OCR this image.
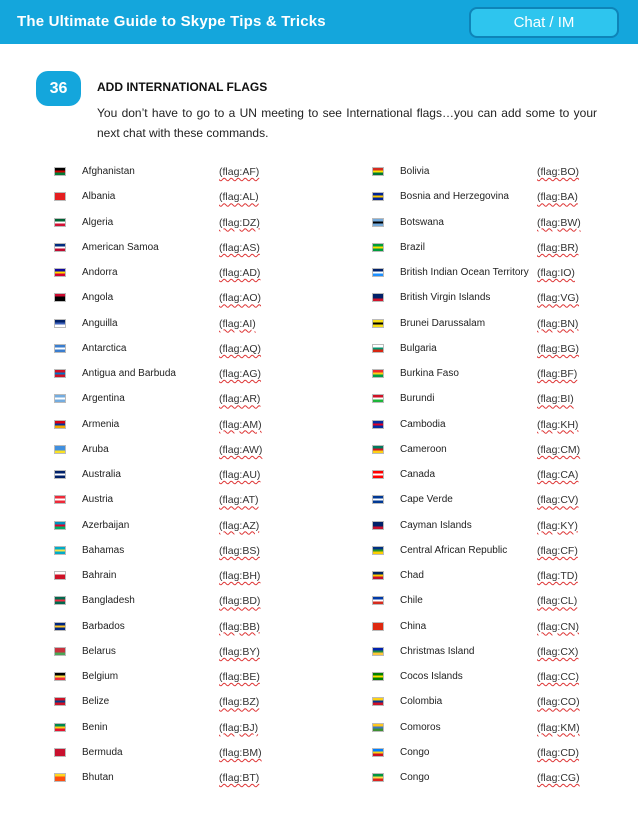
The Ultimate Guide to Skype Tips & Tricks	Chat / IM
36	ADD INTERNATIONAL FLAGS
You don’t have to go to a UN meeting to see International flags…you can add some to your next chat with these commands.
Afghanistan	(flag:AF)
Albania	(flag:AL)
Algeria	(flag:DZ)
American Samoa	(flag:AS)
Andorra	(flag:AD)
Angola	(flag:AO)
Anguilla	(flag:AI)
Antarctica	(flag:AQ)
Antigua and Barbuda	(flag:AG)
Argentina	(flag:AR)
Armenia	(flag:AM)
Aruba	(flag:AW)
Australia	(flag:AU)
Austria	(flag:AT)
Azerbaijan	(flag:AZ)
Bahamas	(flag:BS)
Bahrain	(flag:BH)
Bangladesh	(flag:BD)
Barbados	(flag:BB)
Belarus	(flag:BY)
Belgium	(flag:BE)
Belize	(flag:BZ)
Benin	(flag:BJ)
Bermuda	(flag:BM)
Bhutan	(flag:BT)
Bolivia	(flag:BO)
Bosnia and Herzegovina	(flag:BA)
Botswana	(flag:BW)
Brazil	(flag:BR)
British Indian Ocean Territory (flag:IO)
British Virgin Islands	(flag:VG)
Brunei Darussalam	(flag:BN)
Bulgaria	(flag:BG)
Burkina Faso	(flag:BF)
Burundi	(flag:BI)
Cambodia	(flag:KH)
Cameroon	(flag:CM)
Canada	(flag:CA)
Cape Verde	(flag:CV)
Cayman Islands	(flag:KY)
Central African Republic	(flag:CF)
Chad	(flag:TD)
Chile	(flag:CL)
China	(flag:CN)
Christmas Island	(flag:CX)
Cocos Islands	(flag:CC)
Colombia	(flag:CO)
Comoros	(flag:KM)
Congo	(flag:CD)
Congo	(flag:CG)
